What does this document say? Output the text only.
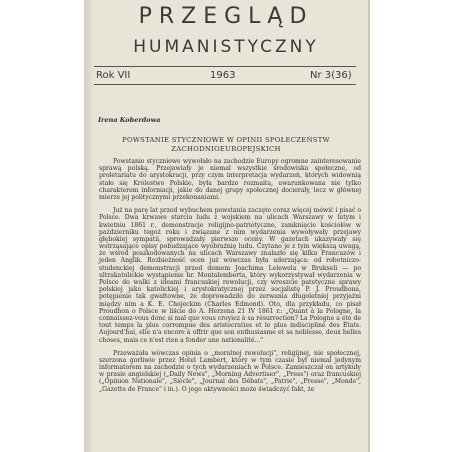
PRZEGLĄD
HUMANISTYCZNY
Rok VII	1963	Nr 3(36)
Irena Koberdowa
POWSTANIE STYCZNIOWE W OPINII SPOŁECZEŃSTW
ZACHODNIOEUROPEJSKICH

Powstanie styczniowe wywołało na zachodzie Europy ogromne zainteresowanie sprawą polską. Przejawiały je niemal wszystkie środowiska społeczne, od proletariatu do arystokracji, przy czym interpretacja wydarzeń, których widownią stało się Królestwo Polskie, była bardzo rozmaita, uwarunkowana nie tylko charakterem informacji, jakie do danej grupy społecznej docierały, lecz w głównej mierze jej politycznymi przekonaniami.

Już na parę lat przed wybuchem powstania zaczęto coraz więcej mówić i pisać o Polsce. Dwa krwawe starcia ludu z wojskiem na ulicach Warszawy w lutym i kwietniu 1861 r., demonstracje religijno-patriotyczne, zamknięcie kościołów w październiku tegoż roku i związane z nim wydarzenia wywoływały przejawy głębokiej sympatii, sprowadzały pierwsze oceny. W gazetach ukazywały się wstrząsające opisy pobudzające wyobraźnię ludu. Czytano je z tym większą uwagą, że wśród poszkodowanych na ulicach Warszawy znalazło się kilku Francuzów i jeden Anglik. Rozbieżność ocen już wówczas była uderzająca: od robotniczo-studenckiej demonstracji przed domem Joachima Lelewela w Brukseli — po ultrakatolickie wystąpienie hr. Montalemberta, który wykorzystywał wydarzenia w Polsce do walki z ideami francuskiej rewolucji, czy wreszcie patetyczne sprawy polskiej jako katolickiej i arystokratycznej przez socjalistę P. J. Proudhona, potępienie tak gwałtowne, że doprowadziło do zerwania długoletniej przyjaźni między nim a K. E. Chojeckim (Charles Edmond). Oto, dla przykładu, co pisał Proudhon o Polsce w liście do A. Herzena 21 IV 1861 r.: „Quant à la Pologne, la connaissez-vous donc si mal que vous croyiez à sa résurrection? La Pologne a été de tout temps la plus corrompue des aristocraties et le plus indiscipliné des États. Aujourd'hui, elle n'a encore à offrir que son enthusiasme et sa noblesse, deux belles choses, mais ce n'est rien a fonder une nationalité..."

Przeważała wówczas opinia o „moralnej rewolucji", religijnej, nie społecznej, szerzona gorliwie przez Hotel Lambert, który w tym czasie był niemal jedynym informatorem na zachodzie o tych wydarzeniach w Polsce. Zamieszczał on artykuły w prasie angielskiej („Daily News", „Morning Advertiser", „Press") oraz francuskiej („Opinion Nationale", „Siècle", „Journal des Débats", „Patrie", „Presse", „Monde", „Gazette de France" i in.). O jego aktywności może świadczyć fakt, że
